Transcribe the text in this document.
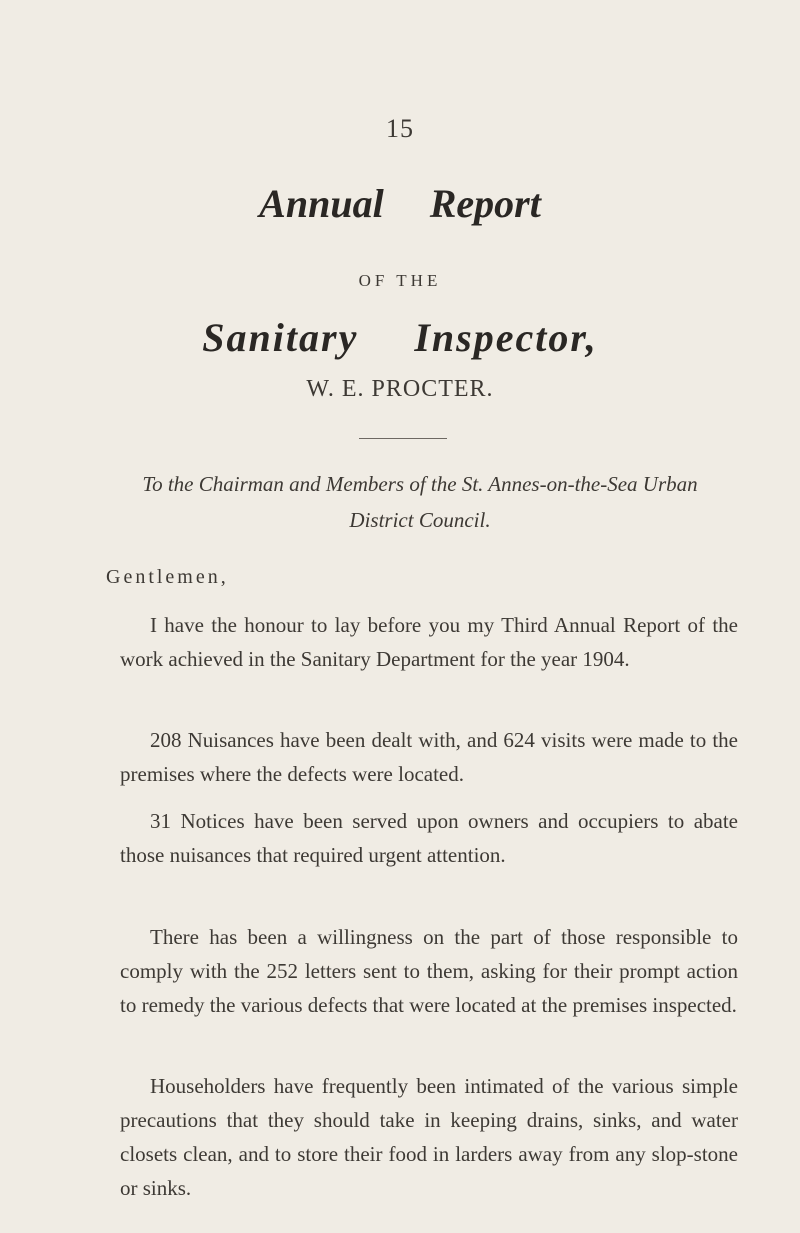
15
Annual Report
OF THE
Sanitary Inspector,
W. E. PROCTER.
To the Chairman and Members of the St. Annes-on-the-Sea Urban
District Council.
Gentlemen,
I have the honour to lay before you my Third Annual Report of the work achieved in the Sanitary Department for the year 1904.
208 Nuisances have been dealt with, and 624 visits were made to the premises where the defects were located.
31 Notices have been served upon owners and occupiers to abate those nuisances that required urgent attention.
There has been a willingness on the part of those responsible to comply with the 252 letters sent to them, asking for their prompt action to remedy the various defects that were located at the premises inspected.
Householders have frequently been intimated of the various simple precautions that they should take in keeping drains, sinks, and water closets clean, and to store their food in larders away from any slop-stone or sinks.
